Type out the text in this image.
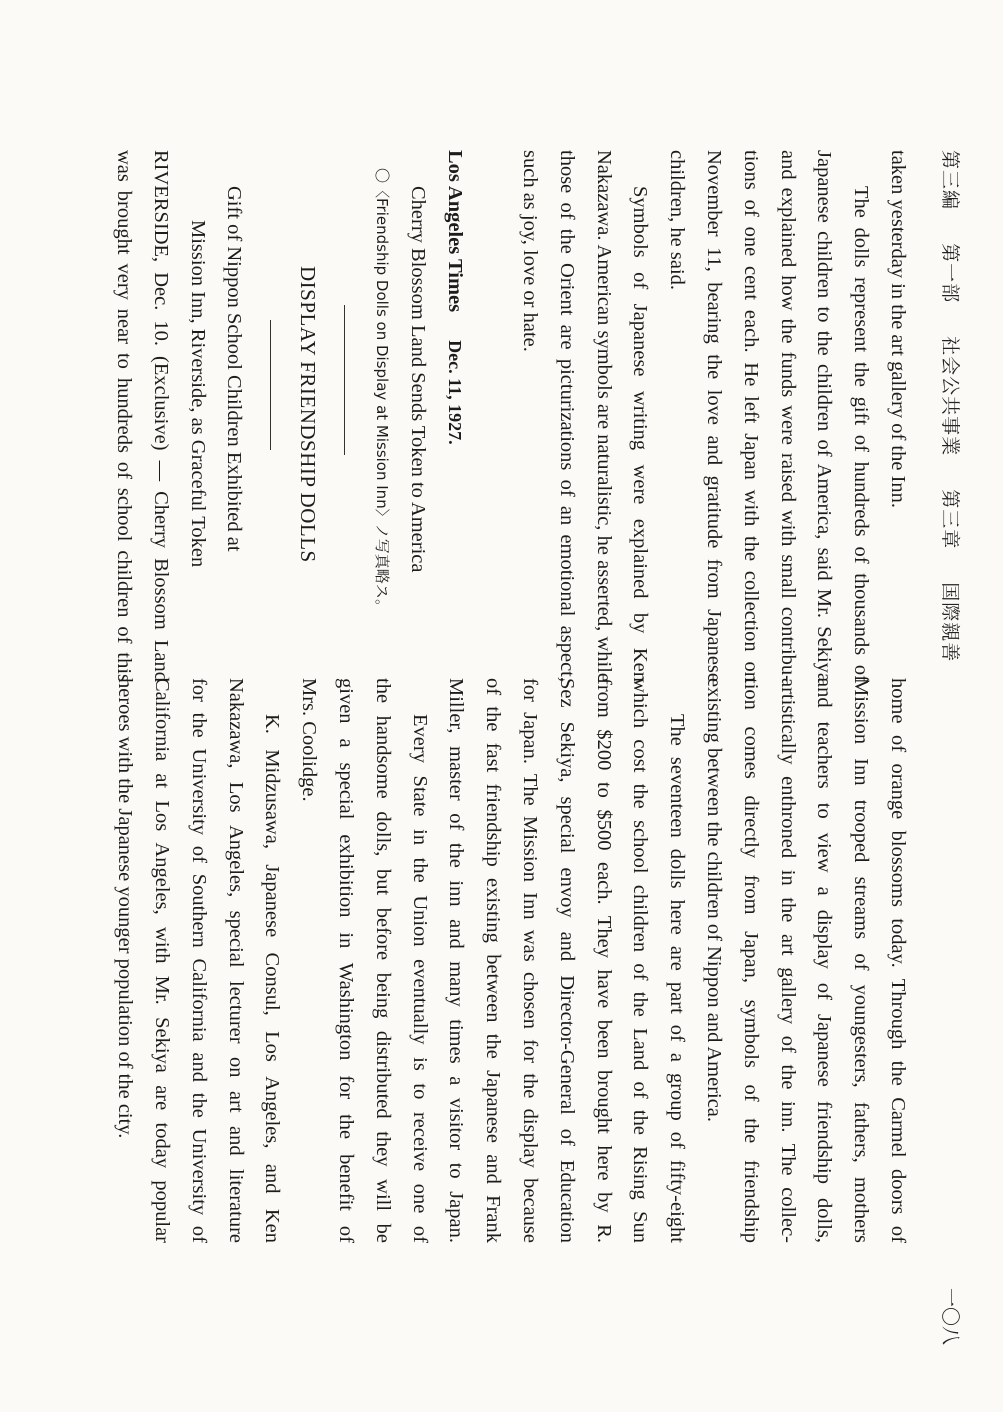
第三編 第一部 社会公共事業 第三章 国際親善
一〇八
taken yesterday in the art gallery of the Inn.
The dolls represent the gift of hundreds of thousands of
Japanese children to the children of America, said Mr. Sekiya
and explained how the funds were raised with small contribu-
tions of one cent each. He left Japan with the collection on
November 11, bearing the love and gratitude from Japanese
children, he said.
Symbols of Japanese writing were explained by Ken
Nakazawa. American symbols are naturalistic, he asserted, while
those of the Orient are picturizations of an emotional aspect,
such as joy, love or hate.
Los Angeles TimesDec. 11, 1927.
Cherry Blossom Land Sends Token to America
〇〈Friendship Dolls on Display at Mission Inn〉ノ写真略ス。
DISPLAY FRIENDSHIP DOLLS
Gift of Nippon School Children Exhibited at
Mission Inn, Riverside, as Graceful Token
RIVERSIDE, Dec. 10. (Exclusive) — Cherry Blossom Land
was brought very near to hundreds of school children of this
home of orange blossoms today. Through the Carmel doors of
Mission Inn trooped streams of youngesters, fathers, mothers
and teachers to view a display of Japanese friendship dolls,
artistically enthroned in the art gallery of the inn. The collec-
tion comes directly from Japan, symbols of the friendship
existing between the children of Nippon and America.
The seventeen dolls here are part of a group of fifty-eight
which cost the school children of the Land of the Rising Sun
from $200 to $500 each. They have been brought here by R.
Sez Sekiya, special envoy and Director-General of Education
for Japan. The Mission Inn was chosen for the display because
of the fast friendship existing between the Japanese and Frank
Miller, master of the inn and many times a visitor to Japan.
Every State in the Union eventually is to receive one of
the handsome dolls, but before being distributed they will be
given a special exhibition in Washington for the benefit of
Mrs. Coolidge.
K. Midzusawa, Japanese Consul, Los Angeles, and Ken
Nakazawa, Los Angeles, special lecturer on art and literature
for the University of Southern California and the University of
California at Los Angeles, with Mr. Sekiya are today popular
heroes with the Japanese younger population of the city.
